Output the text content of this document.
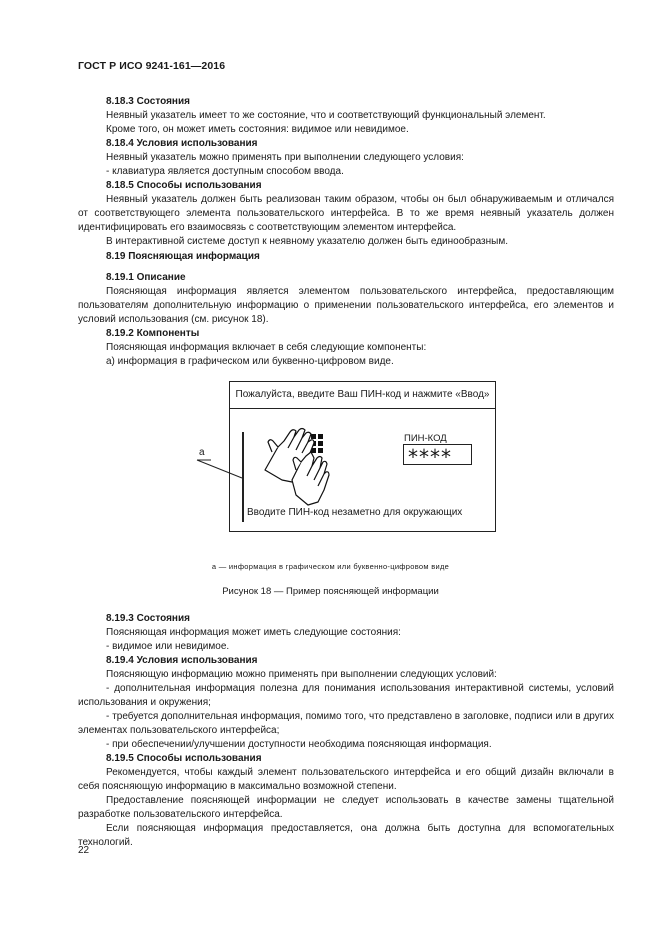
ГОСТ Р ИСО 9241-161—2016
8.18.3 Состояния
Неявный указатель имеет то же состояние, что и соответствующий функциональный элемент.
Кроме того, он может иметь состояния: видимое или невидимое.
8.18.4 Условия использования
Неявный указатель можно применять при выполнении следующего условия:
- клавиатура является доступным способом ввода.
8.18.5 Способы использования
Неявный указатель должен быть реализован таким образом, чтобы он был обнаруживаемым и отличался от соответствующего элемента пользовательского интерфейса. В то же время неявный указатель должен идентифицировать его взаимосвязь с соответствующим элементом интерфейса.
В интерактивной системе доступ к неявному указателю должен быть единообразным.
8.19 Поясняющая информация
8.19.1 Описание
Поясняющая информация является элементом пользовательского интерфейса, предоставляющим пользователям дополнительную информацию о применении пользовательского интерфейса, его элементов и условий использования (см. рисунок 18).
8.19.2 Компоненты
Поясняющая информация включает в себя следующие компоненты:
а) информация в графическом или буквенно-цифровом виде.
Пожалуйста, введите Ваш ПИН-код и нажмите «Ввод»
а
ПИН-КОД
****
Вводите ПИН-код незаметно для окружающих
а — информация в графическом или буквенно-цифровом виде
Рисунок 18 — Пример поясняющей информации
8.19.3 Состояния
Поясняющая информация может иметь следующие состояния:
- видимое или невидимое.
8.19.4 Условия использования
Поясняющую информацию можно применять при выполнении следующих условий:
- дополнительная информация полезна для понимания использования интерактивной системы, условий использования и окружения;
- требуется дополнительная информация, помимо того, что представлено в заголовке, подписи или в других элементах пользовательского интерфейса;
- при обеспечении/улучшении доступности необходима поясняющая информация.
8.19.5 Способы использования
Рекомендуется, чтобы каждый элемент пользовательского интерфейса и его общий дизайн включали в себя поясняющую информацию в максимально возможной степени.
Предоставление поясняющей информации не следует использовать в качестве замены тщательной разработке пользовательского интерфейса.
Если поясняющая информация предоставляется, она должна быть доступна для вспомогательных технологий.
22
